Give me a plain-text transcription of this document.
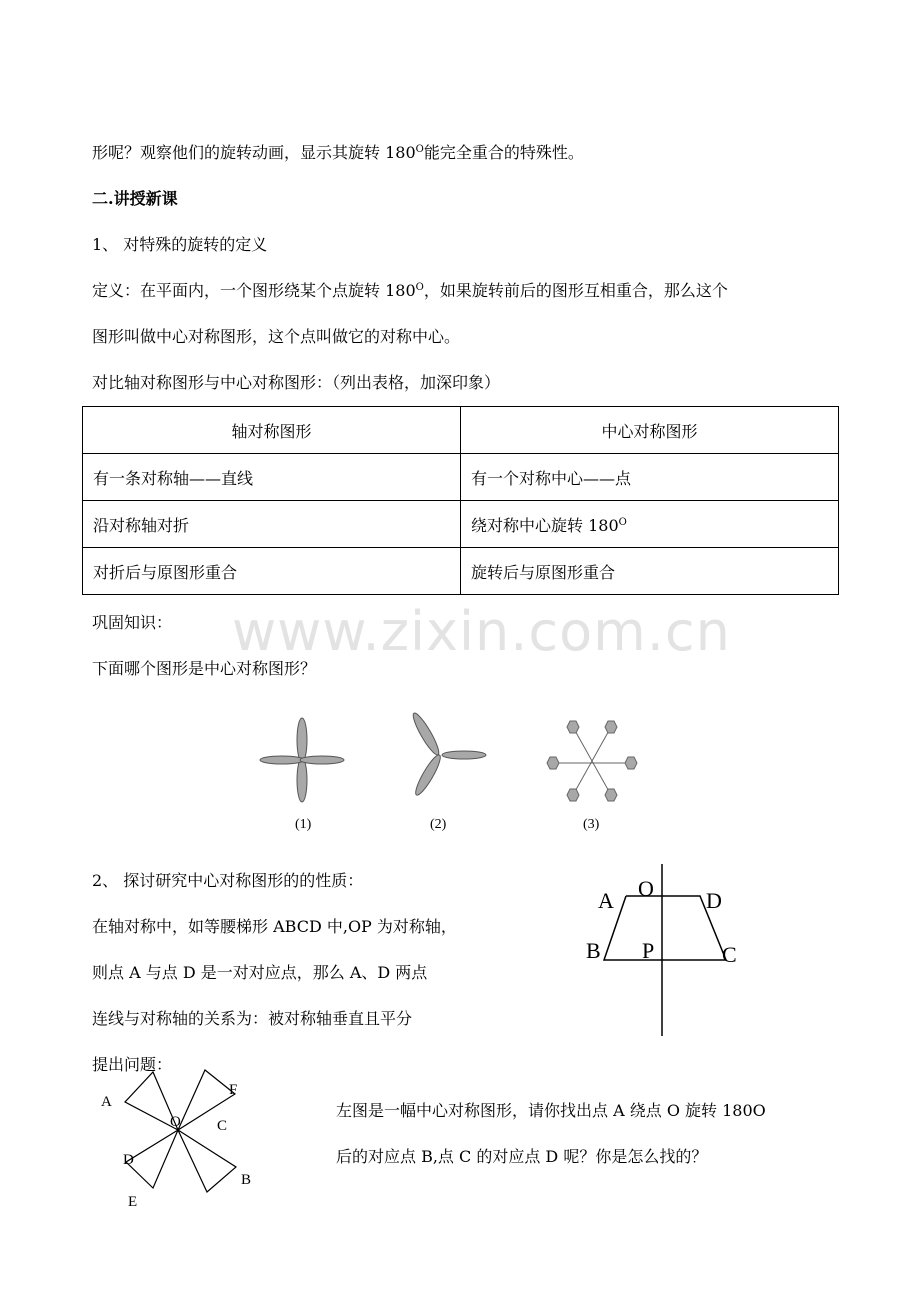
形呢？观察他们的旋转动画，显示其旋转 $180^O$能完全重合的特殊性。
二.讲授新课
1、 对特殊的旋转的定义
定义：在平面内，一个图形绕某个点旋转 $180^O$，如果旋转前后的图形互相重合，那么这个
图形叫做中心对称图形，这个点叫做它的对称中心。
对比轴对称图形与中心对称图形：（列出表格，加深印象）
轴对称图形	中心对称图形
有一条对称轴——直线	有一个对称中心——点
沿对称轴对折	绕对称中心旋转 $180^O$
对折后与原图形重合	旋转后与原图形重合
巩固知识： www.zixin.com.cn
下面哪个图形是中心对称图形？
(1)	(2)	(3)
2、 探讨研究中心对称图形的的性质：
在轴对称中，如等腰梯形 ABCD 中,OP 为对称轴，
则点 A 与点 D 是一对对应点，那么 A、D 两点
连线与对称轴的关系为：被对称轴垂直且平分
A O D
B P	C
提出问题：
A
F
O C
D
B
E
左图是一幅中心对称图形，请你找出点 A 绕点 O 旋转 180O
后的对应点 B,点 C 的对应点 D 呢？你是怎么找的？
